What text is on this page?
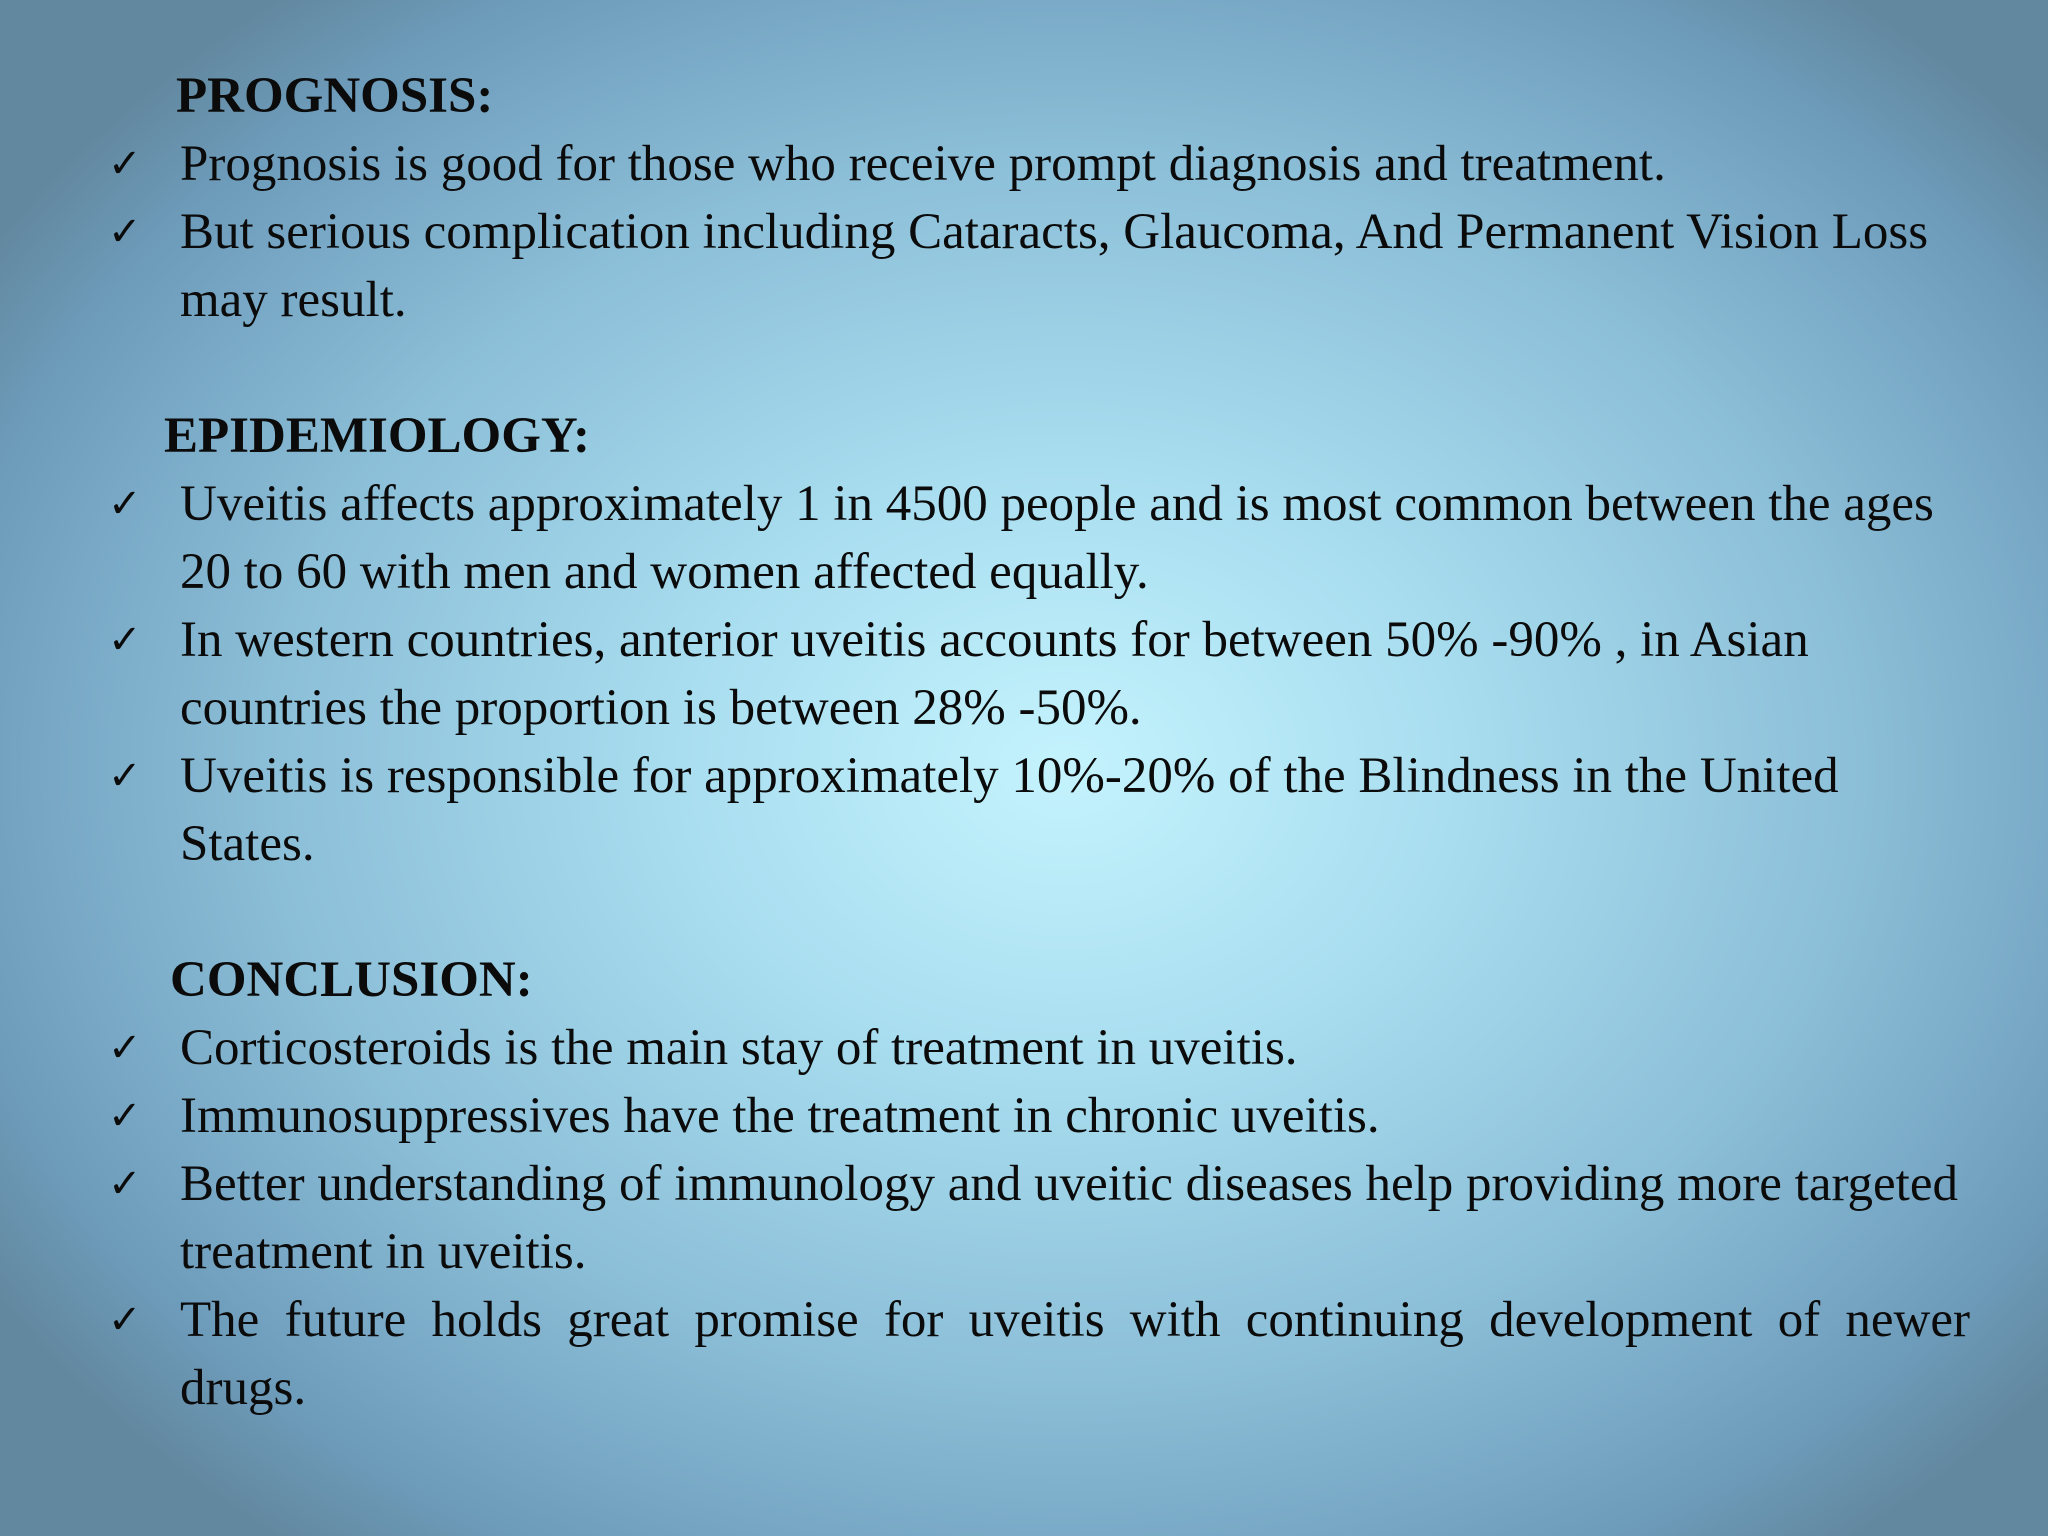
PROGNOSIS:
✓ Prognosis is good for those who receive prompt diagnosis and treatment.
✓ But serious complication including Cataracts, Glaucoma, And Permanent Vision Loss may result.
EPIDEMIOLOGY:
✓ Uveitis affects approximately 1 in 4500 people and is most common between the ages 20 to 60 with men and women affected equally.
✓ In western countries, anterior uveitis accounts for between 50% -90% , in Asian countries the proportion is between 28% -50%.
✓ Uveitis is responsible for approximately 10%-20% of the Blindness in the United States.
CONCLUSION:
✓ Corticosteroids is the main stay of treatment in uveitis.
✓ Immunosuppressives have the treatment in chronic uveitis.
✓ Better understanding of immunology and uveitic diseases help providing more targeted treatment in uveitis.
✓ The future holds great promise for uveitis with continuing development of newer drugs.
